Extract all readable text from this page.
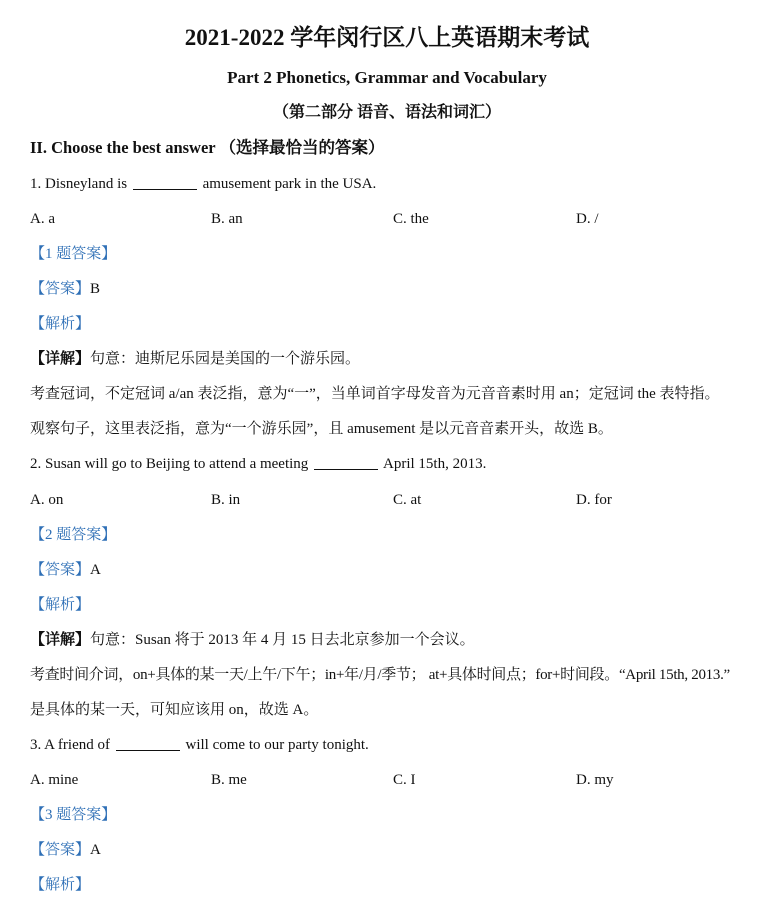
2021-2022 学年闵行区八上英语期末考试
Part 2 Phonetics, Grammar and Vocabulary
（第二部分 语音、语法和词汇）
II. Choose the best answer （选择最恰当的答案）
1. Disneyland is	amusement park in the USA.
A. a	B. an	C. the	D. /
【1 题答案】
【答案】B
【解析】
【详解】句意：迪斯尼乐园是美国的一个游乐园。
考查冠词，不定冠词 a/an 表泛指，意为“一”，当单词首字母发音为元音音素时用 an；定冠词 the 表特指。
观察句子，这里表泛指，意为“一个游乐园”，且 amusement 是以元音音素开头，故选 B。
2. Susan will go to Beijing to attend a meeting	April 15th, 2013.
A. on	B. in	C. at	D. for
【2 题答案】
【答案】A
【解析】
【详解】句意：Susan 将于 2013 年 4 月 15 日去北京参加一个会议。
考查时间介词，on+具体的某一天/上午/下午；in+年/月/季节； at+具体时间点；for+时间段。“April 15th, 2013.”
是具体的某一天，可知应该用 on，故选 A。
3. A friend of	will come to our party tonight.
A. mine	B. me	C. I	D. my
【3 题答案】
【答案】A
【解析】
